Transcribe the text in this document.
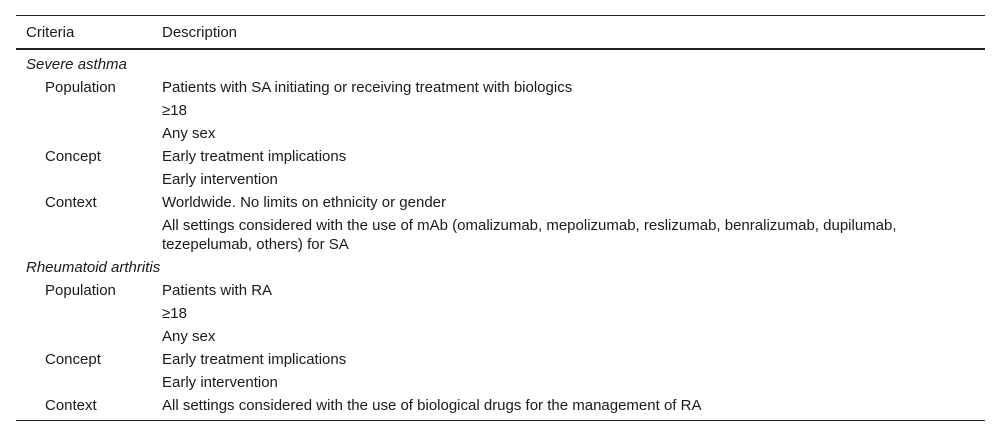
Criteria	Description
Severe asthma
Population	Patients with SA initiating or receiving treatment with biologics
≥18
Any sex
Concept	Early treatment implications
Early intervention
Context	Worldwide. No limits on ethnicity or gender
All settings considered with the use of mAb (omalizumab, mepolizumab, reslizumab, benralizumab, dupilumab, tezepelumab, others) for SA
Rheumatoid arthritis
Population	Patients with RA
≥18
Any sex
Concept	Early treatment implications
Early intervention
Context	All settings considered with the use of biological drugs for the management of RA
